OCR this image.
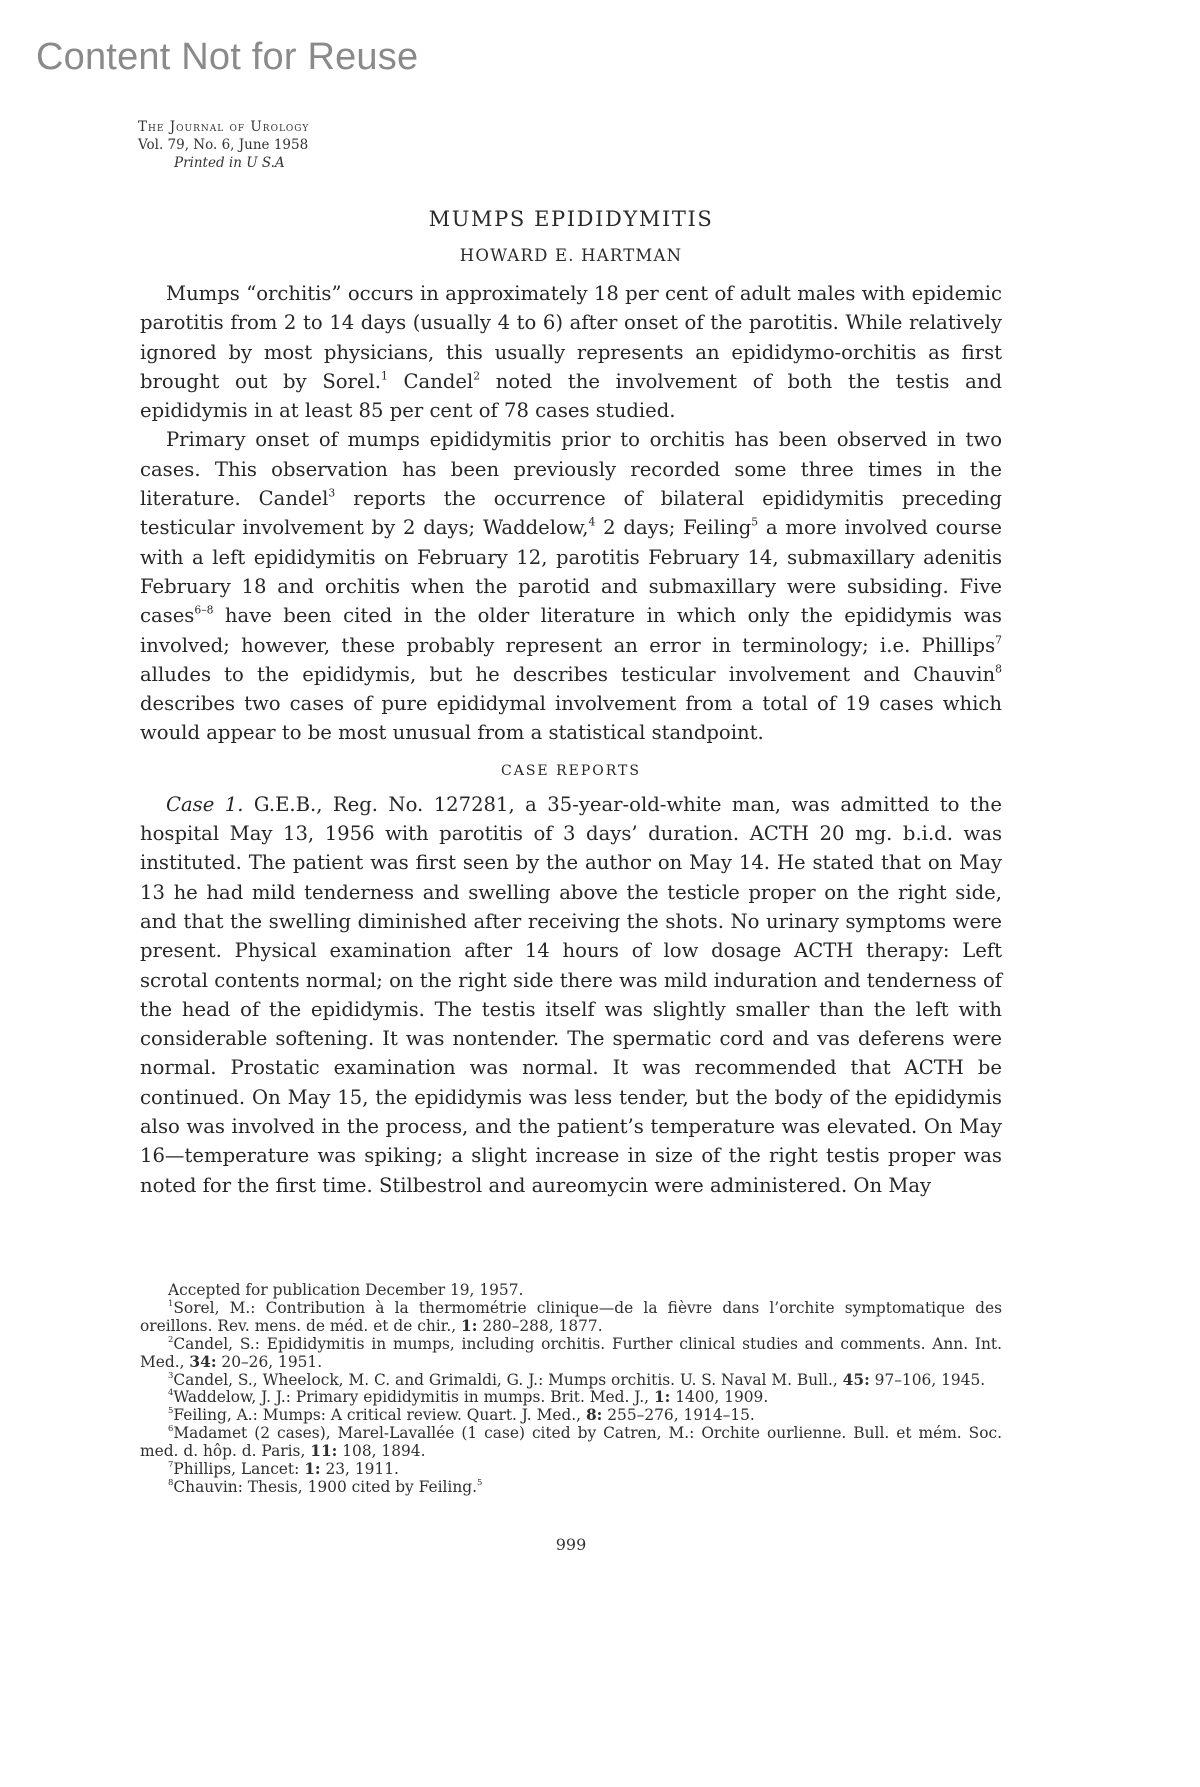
Content Not for Reuse
The Journal of Urology
Vol. 79, No. 6, June 1958
Printed in U S.A
MUMPS EPIDIDYMITIS
HOWARD E. HARTMAN

Mumps “orchitis” occurs in approximately 18 per cent of adult males with epidemic parotitis from 2 to 14 days (usually 4 to 6) after onset of the parotitis. While relatively ignored by most physicians, this usually represents an epididymo-orchitis as first brought out by Sorel.$^1$ Candel$^2$ noted the involvement of both the testis and epididymis in at least 85 per cent of 78 cases studied.

Primary onset of mumps epididymitis prior to orchitis has been observed in two cases. This observation has been previously recorded some three times in the literature. Candel$^3$ reports the occurrence of bilateral epididymitis preceding testicular involvement by 2 days; Waddelow,$^4$ 2 days; Feiling$^5$ a more involved course with a left epididymitis on February 12, parotitis February 14, submaxillary adenitis February 18 and orchitis when the parotid and submaxillary were subsiding. Five cases$^{6-8}$ have been cited in the older literature in which only the epididymis was involved; however, these probably represent an error in terminology; i.e. Phillips$^7$ alludes to the epididymis, but he describes testicular involvement and Chauvin$^8$ describes two cases of pure epididymal involvement from a total of 19 cases which would appear to be most unusual from a statistical standpoint.

CASE REPORTS

Case 1. G.E.B., Reg. No. 127281, a 35-year-old-white man, was admitted to the hospital May 13, 1956 with parotitis of 3 days’ duration. ACTH 20 mg. b.i.d. was instituted. The patient was first seen by the author on May 14. He stated that on May 13 he had mild tenderness and swelling above the testicle proper on the right side, and that the swelling diminished after receiving the shots. No urinary symptoms were present. Physical examination after 14 hours of low dosage ACTH therapy: Left scrotal contents normal; on the right side there was mild induration and tenderness of the head of the epididymis. The testis itself was slightly smaller than the left with considerable softening. It was nontender. The spermatic cord and vas deferens were normal. Prostatic examination was normal. It was recommended that ACTH be continued. On May 15, the epididymis was less tender, but the body of the epididymis also was involved in the process, and the patient’s temperature was elevated. On May 16—temperature was spiking; a slight increase in size of the right testis proper was noted for the first time. Stilbestrol and aureomycin were administered. On May

Accepted for publication December 19, 1957.

$^1$Sorel, M.: Contribution à la thermométrie clinique—de la fièvre dans l’orchite symptomatique des oreillons. Rev. mens. de méd. et de chir., 1: 280–288, 1877.

$^2$Candel, S.: Epididymitis in mumps, including orchitis. Further clinical studies and comments. Ann. Int. Med., 34: 20–26, 1951.

$^3$Candel, S., Wheelock, M. C. and Grimaldi, G. J.: Mumps orchitis. U. S. Naval M. Bull., 45: 97–106, 1945.

$^4$Waddelow, J. J.: Primary epididymitis in mumps. Brit. Med. J., 1: 1400, 1909.

$^5$Feiling, A.: Mumps: A critical review. Quart. J. Med., 8: 255–276, 1914–15.

$^6$Madamet (2 cases), Marel-Lavallée (1 case) cited by Catren, M.: Orchite ourlienne. Bull. et mém. Soc. med. d. hôp. d. Paris, 11: 108, 1894.

$^7$Phillips, Lancet: 1: 23, 1911.

$^8$Chauvin: Thesis, 1900 cited by Feiling.$^5$

999
